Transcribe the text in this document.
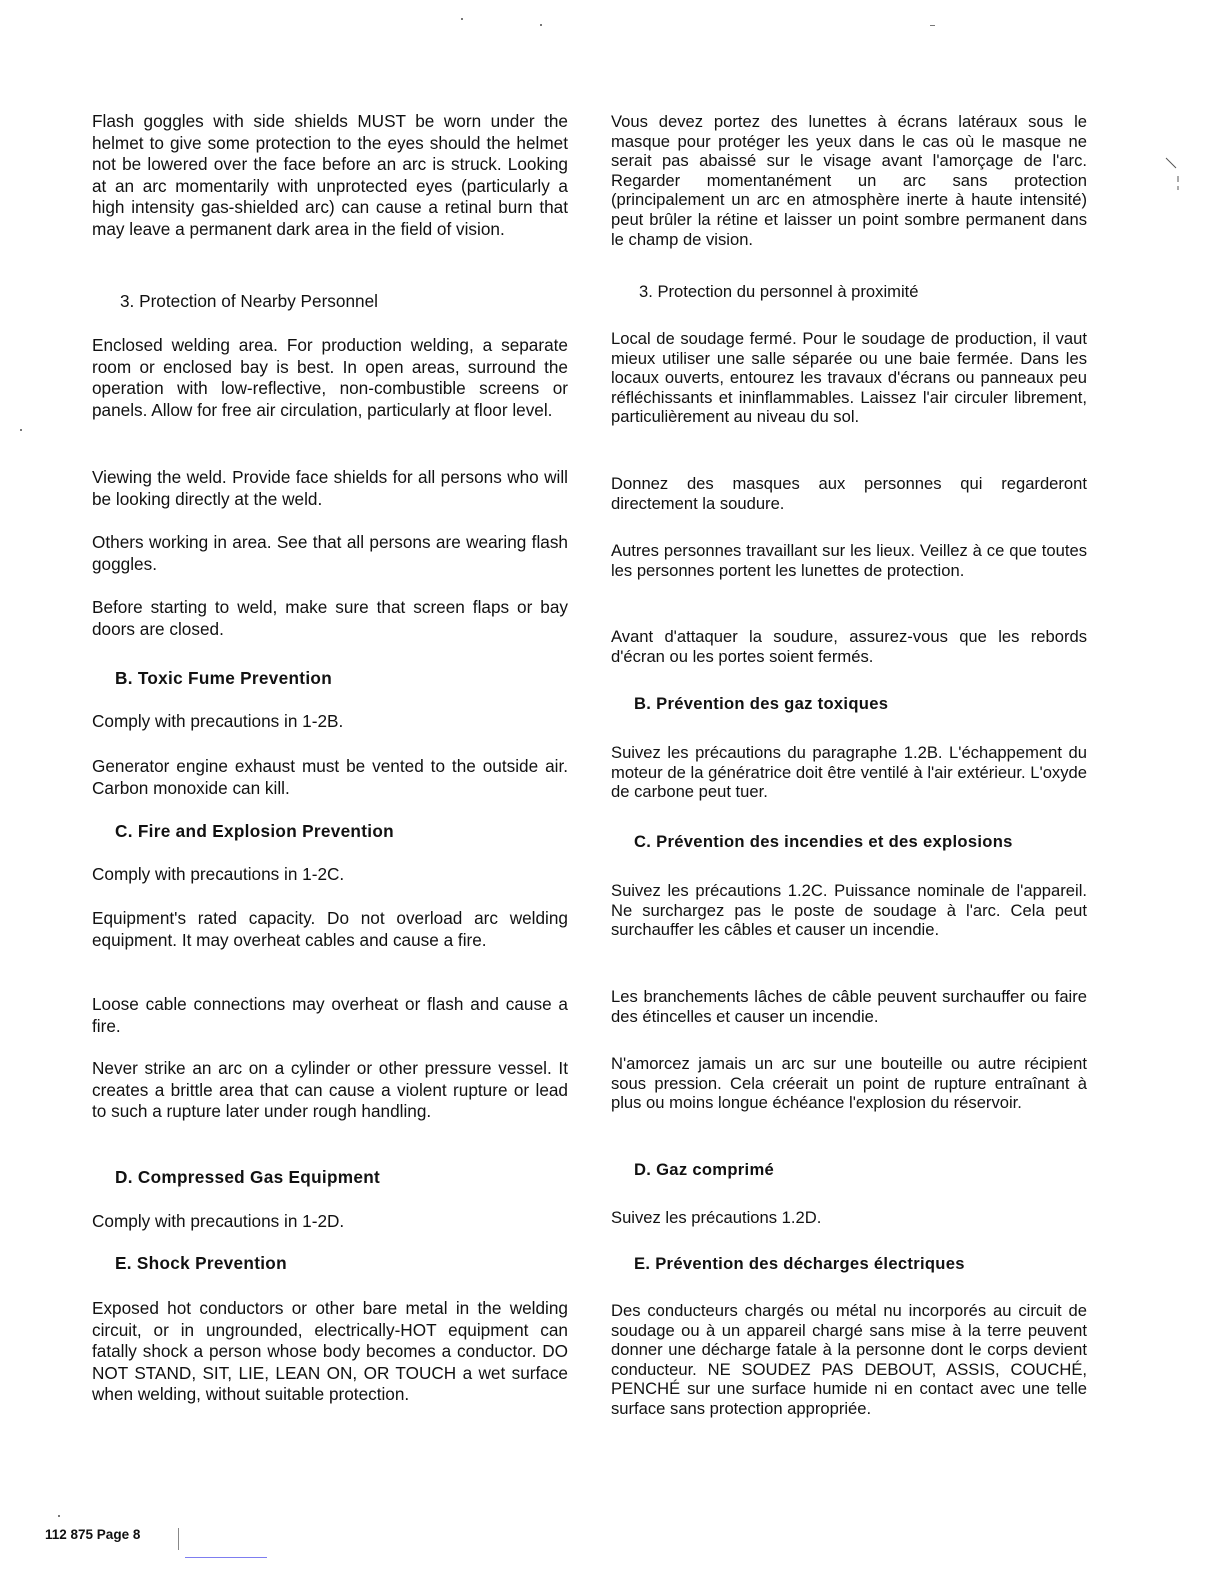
Flash goggles with side shields MUST be worn under the helmet to give some protection to the eyes should the helmet not be lowered over the face before an arc is struck. Looking at an arc momentarily with unprotected eyes (particularly a high intensity gas-shielded arc) can cause a retinal burn that may leave a permanent dark area in the field of vision.

3. Protection of Nearby Personnel

Enclosed welding area. For production welding, a separate room or enclosed bay is best. In open areas, surround the operation with low-reflective, non-combustible screens or panels. Allow for free air circulation, particularly at floor level.

Viewing the weld. Provide face shields for all persons who will be looking directly at the weld.

Others working in area. See that all persons are wearing flash goggles.

Before starting to weld, make sure that screen flaps or bay doors are closed.

B. Toxic Fume Prevention

Comply with precautions in 1-2B.

Generator engine exhaust must be vented to the outside air. Carbon monoxide can kill.

C. Fire and Explosion Prevention

Comply with precautions in 1-2C.

Equipment's rated capacity. Do not overload arc welding equipment. It may overheat cables and cause a fire.

Loose cable connections may overheat or flash and cause a fire.

Never strike an arc on a cylinder or other pressure vessel. It creates a brittle area that can cause a violent rupture or lead to such a rupture later under rough handling.

D. Compressed Gas Equipment

Comply with precautions in 1-2D.

E. Shock Prevention

Exposed hot conductors or other bare metal in the welding circuit, or in ungrounded, electrically-HOT equipment can fatally shock a person whose body becomes a conductor. DO NOT STAND, SIT, LIE, LEAN ON, OR TOUCH a wet surface when welding, without suitable protection.

Vous devez portez des lunettes à écrans latéraux sous le masque pour protéger les yeux dans le cas où le masque ne serait pas abaissé sur le visage avant l'amorçage de l'arc. Regarder momentanément un arc sans protection (principalement un arc en atmosphère inerte à haute intensité) peut brûler la rétine et laisser un point sombre permanent dans le champ de vision.

3. Protection du personnel à proximité

Local de soudage fermé. Pour le soudage de production, il vaut mieux utiliser une salle séparée ou une baie fermée. Dans les locaux ouverts, entourez les travaux d'écrans ou panneaux peu réfléchissants et ininflammables. Laissez l'air circuler librement, particulièrement au niveau du sol.

Donnez des masques aux personnes qui regarderont directement la soudure.

Autres personnes travaillant sur les lieux. Veillez à ce que toutes les personnes portent les lunettes de protection.

Avant d'attaquer la soudure, assurez-vous que les rebords d'écran ou les portes soient fermés.

B. Prévention des gaz toxiques

Suivez les précautions du paragraphe 1.2B. L'échappement du moteur de la génératrice doit être ventilé à l'air extérieur. L'oxyde de carbone peut tuer.

C. Prévention des incendies et des explosions

Suivez les précautions 1.2C. Puissance nominale de l'appareil. Ne surchargez pas le poste de soudage à l'arc. Cela peut surchauffer les câbles et causer un incendie.

Les branchements lâches de câble peuvent surchauffer ou faire des étincelles et causer un incendie.

N'amorcez jamais un arc sur une bouteille ou autre récipient sous pression. Cela créerait un point de rupture entraînant à plus ou moins longue échéance l'explosion du réservoir.

D. Gaz comprimé

Suivez les précautions 1.2D.

E. Prévention des décharges électriques

Des conducteurs chargés ou métal nu incorporés au circuit de soudage ou à un appareil chargé sans mise à la terre peuvent donner une décharge fatale à la personne dont le corps devient conducteur. NE SOUDEZ PAS DEBOUT, ASSIS, COUCHÉ, PENCHÉ sur une surface humide ni en contact avec une telle surface sans protection appropriée.

112 875 Page 8
